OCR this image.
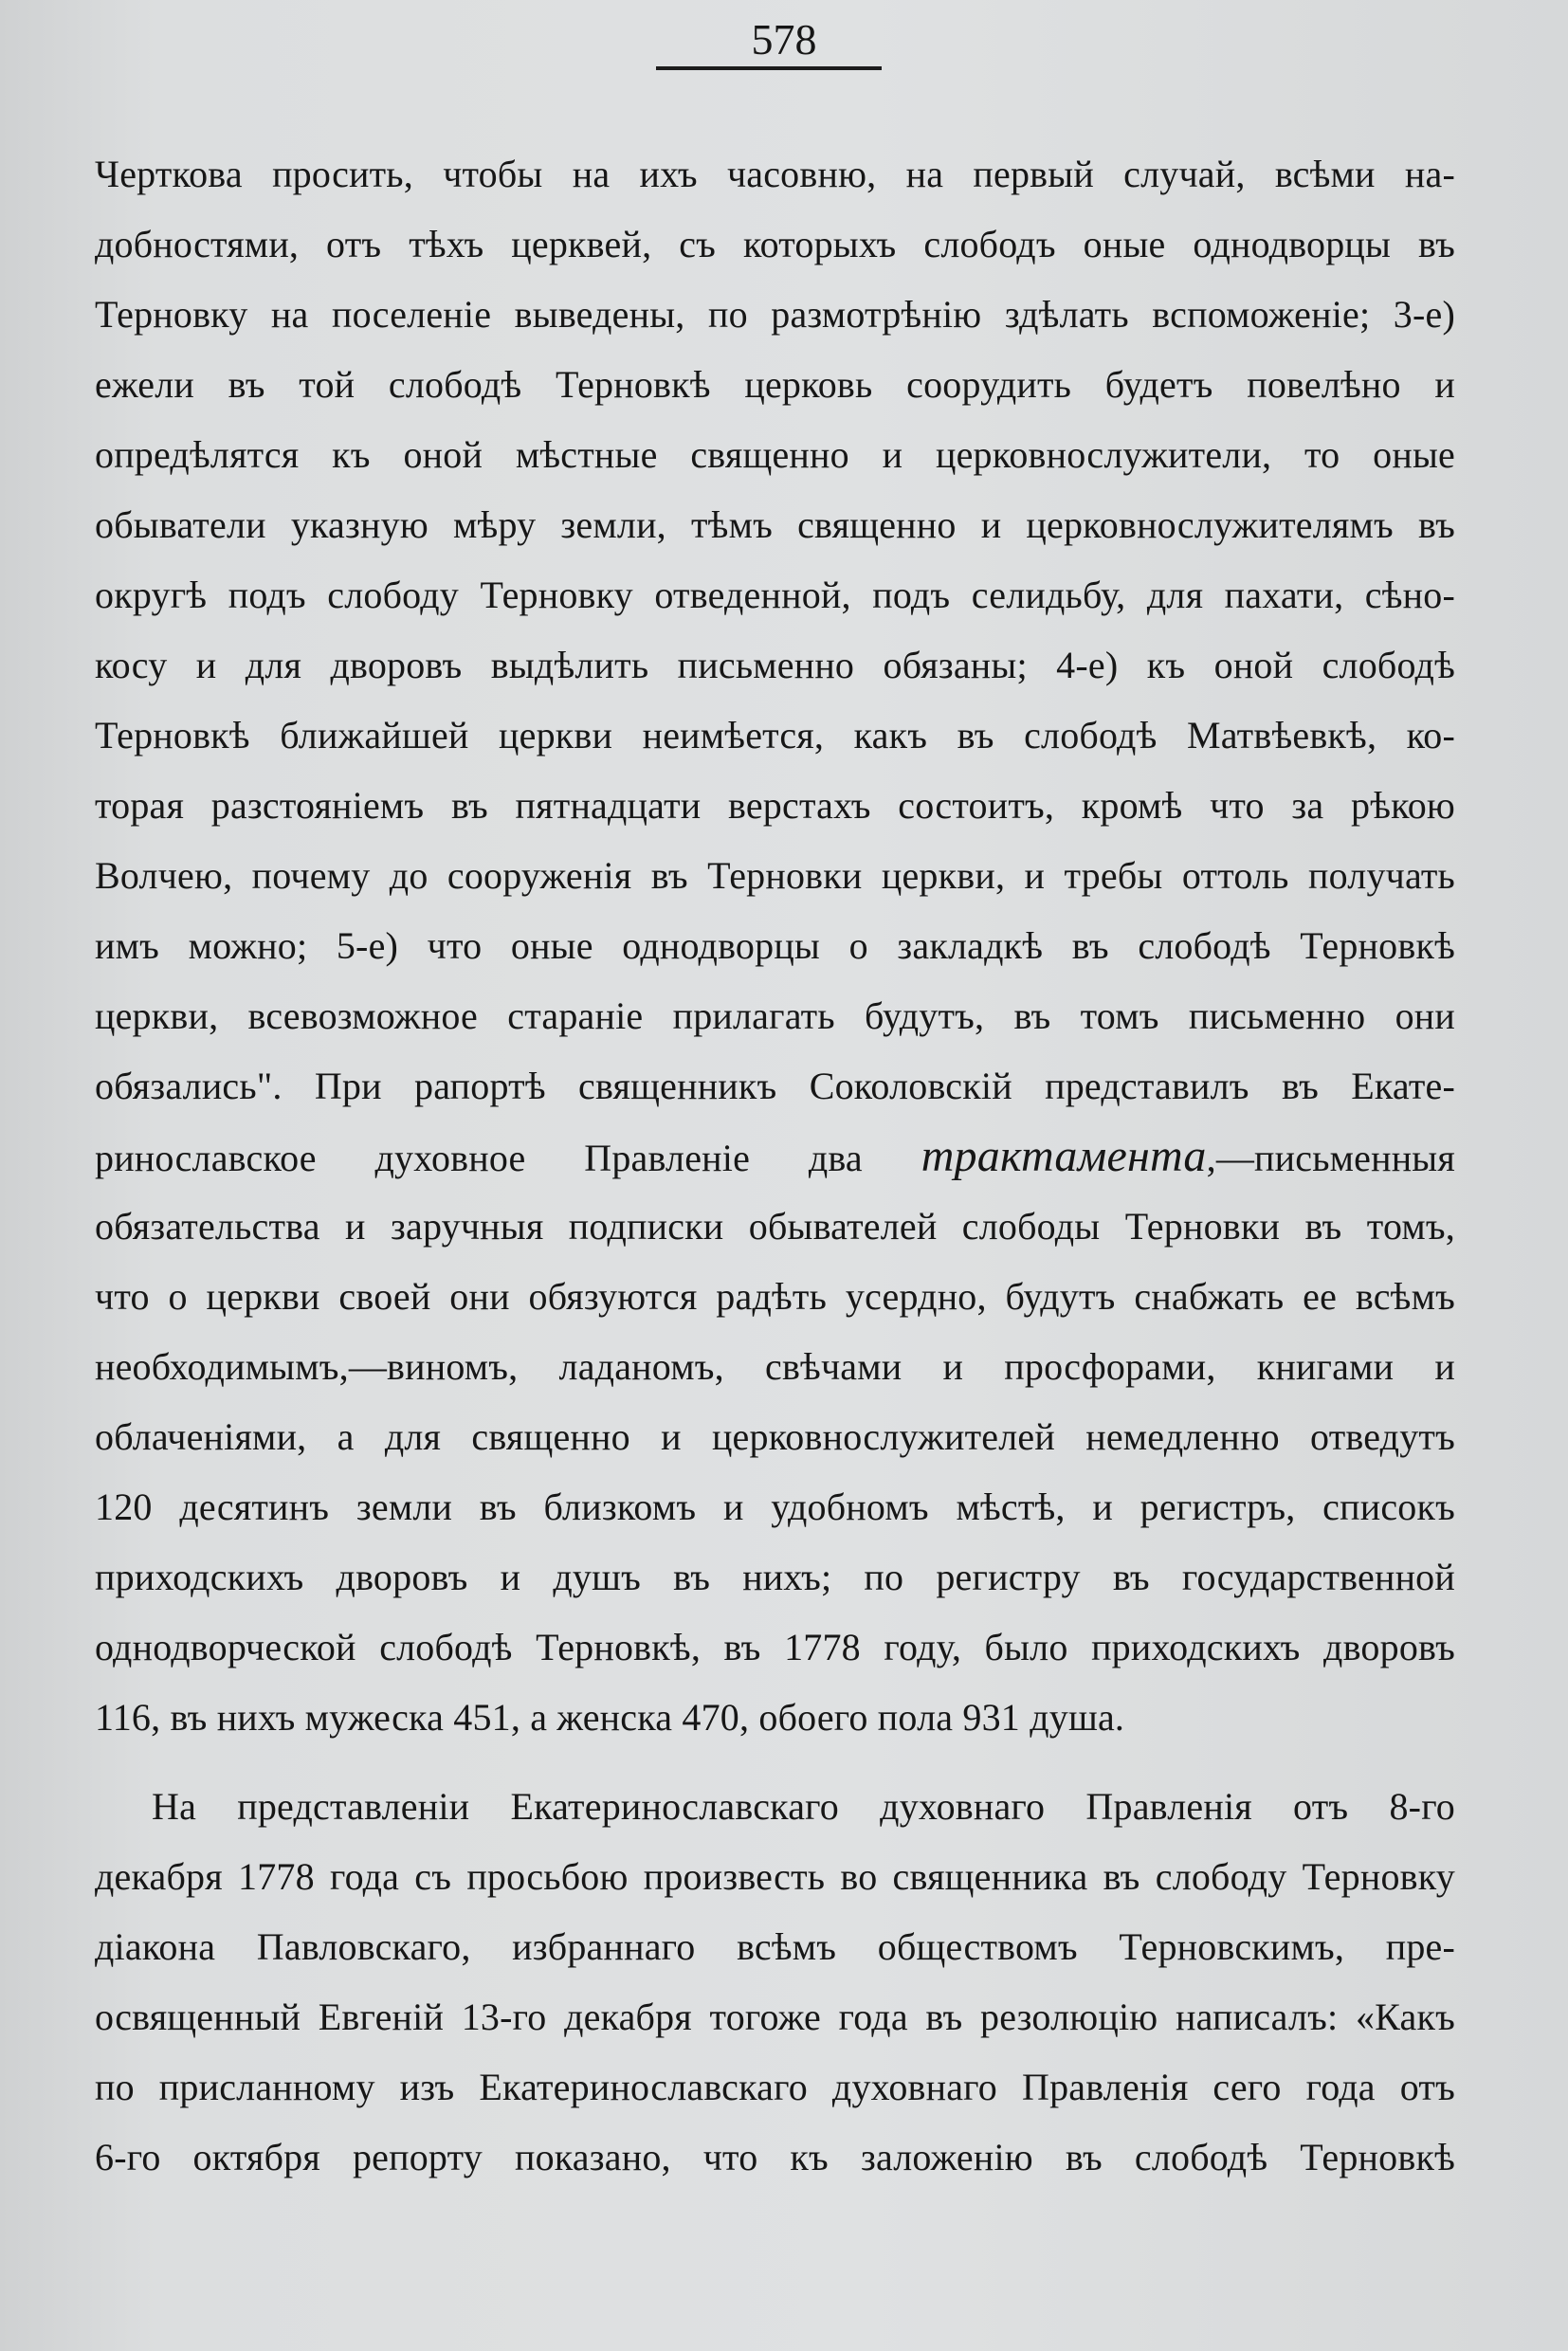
578
Черткова просить, чтобы на ихъ часовню, на первый случай, всѣми на-
добностями, отъ тѣхъ церквей, съ которыхъ слободъ оные однодворцы въ
Терновку на поселеніе выведены, по размотрѣнію здѣлать вспоможеніе; 3-е)
ежели въ той слободѣ Терновкѣ церковь соорудить будетъ повелѣно и
опредѣлятся къ оной мѣстные священно и церковнослужители, то оные
обыватели указную мѣру земли, тѣмъ священно и церковнослужителямъ въ
округѣ подъ слободу Терновку отведенной, подъ селидьбу, для пахати, сѣно-
косу и для дворовъ выдѣлить письменно обязаны; 4-е) къ оной слободѣ
Терновкѣ ближайшей церкви неимѣется, какъ въ слободѣ Матвѣевкѣ, ко-
торая разстояніемъ въ пятнадцати верстахъ состоитъ, кромѣ что за рѣкою
Волчею, почему до сооруженія въ Терновки церкви, и требы оттоль получать
имъ можно; 5-е) что оные однодворцы о закладкѣ въ слободѣ Терновкѣ
церкви, всевозможное стараніе прилагать будутъ, въ томъ письменно они
обязались". При рапортѣ священникъ Соколовскій представилъ въ Екате-
ринославское духовное Правленіе два трактамента,—письменныя
обязательства и заручныя подписки обывателей слободы Терновки въ томъ,
что о церкви своей они обязуются радѣть усердно, будутъ снабжать ее всѣмъ
необходимымъ,—виномъ, ладаномъ, свѣчами и просфорами, книгами и
облаченіями, а для священно и церковнослужителей немедленно отведутъ
120 десятинъ земли въ близкомъ и удобномъ мѣстѣ, и регистръ, списокъ
приходскихъ дворовъ и душъ въ нихъ; по регистру въ государственной
однодворческой слободѣ Терновкѣ, въ 1778 году, было приходскихъ дворовъ
116, въ нихъ мужеска 451, а женска 470, обоего пола 931 душа.
На представленіи Екатеринославскаго духовнаго Правленія отъ 8-го
декабря 1778 года съ просьбою произвесть во священника въ слободу Терновку
діакона Павловскаго, избраннаго всѣмъ обществомъ Терновскимъ, пре-
освященный Евгеній 13-го декабря тогоже года въ резолюцію написалъ: «Какъ
по присланному изъ Екатеринославскаго духовнаго Правленія сего года отъ
6-го октября репорту показано, что къ заложенію въ слободѣ Терновкѣ
